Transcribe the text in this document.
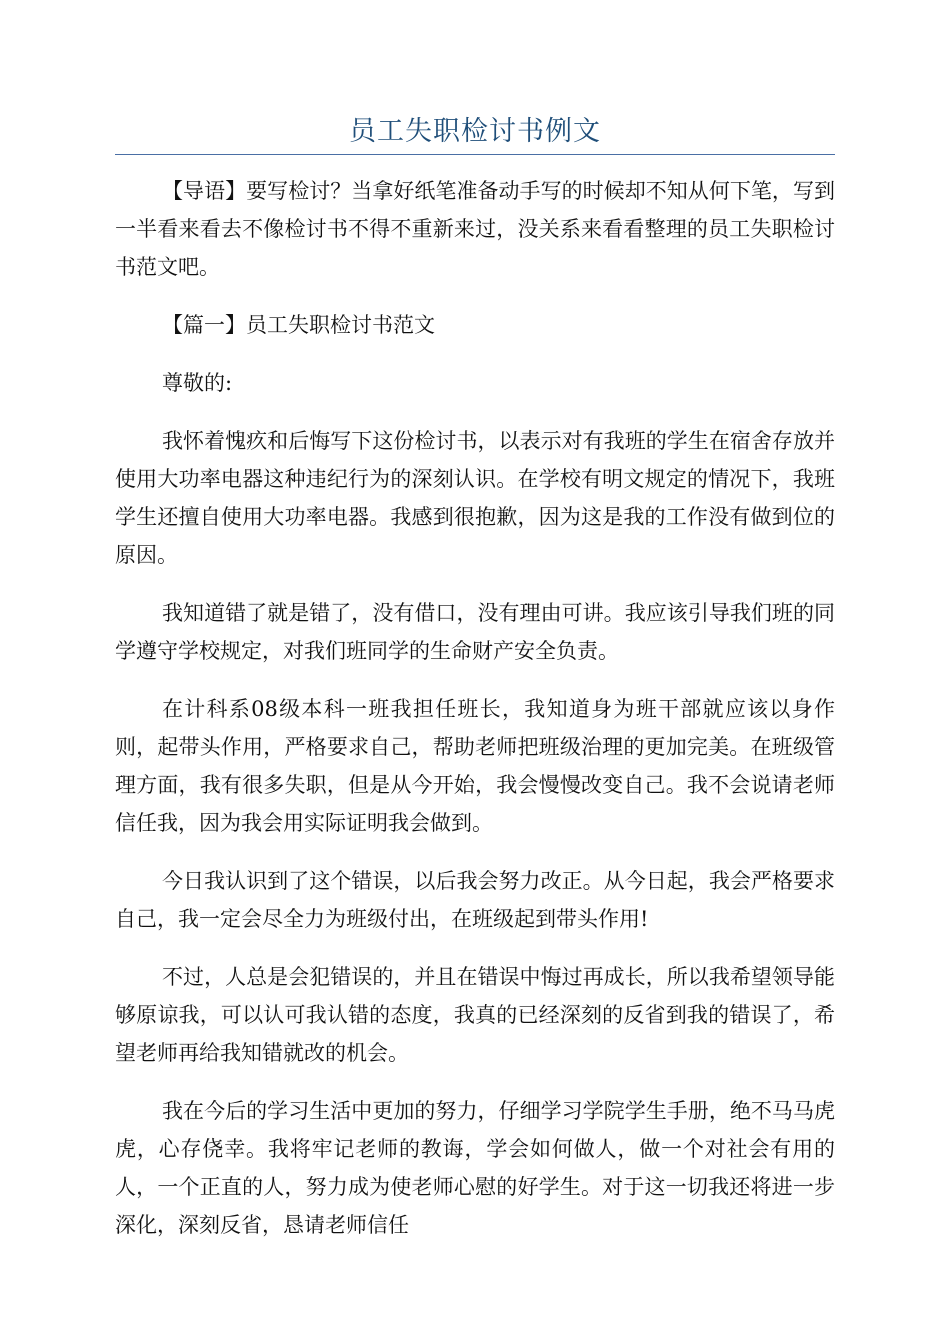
员工失职检讨书例文

【导语】要写检讨？当拿好纸笔准备动手写的时候却不知从何下笔，写到一半看来看去不像检讨书不得不重新来过，没关系来看看整理的员工失职检讨书范文吧。

【篇一】员工失职检讨书范文

尊敬的:

我怀着愧疚和后悔写下这份检讨书，以表示对有我班的学生在宿舍存放并使用大功率电器这种违纪行为的深刻认识。在学校有明文规定的情况下，我班学生还擅自使用大功率电器。我感到很抱歉，因为这是我的工作没有做到位的原因。

我知道错了就是错了，没有借口，没有理由可讲。我应该引导我们班的同学遵守学校规定，对我们班同学的生命财产安全负责。

在计科系08级本科一班我担任班长，我知道身为班干部就应该以身作则，起带头作用，严格要求自己，帮助老师把班级治理的更加完美。在班级管理方面，我有很多失职，但是从今开始，我会慢慢改变自己。我不会说请老师信任我，因为我会用实际证明我会做到。

今日我认识到了这个错误，以后我会努力改正。从今日起，我会严格要求自己，我一定会尽全力为班级付出，在班级起到带头作用!

不过，人总是会犯错误的，并且在错误中悔过再成长，所以我希望领导能够原谅我，可以认可我认错的态度，我真的已经深刻的反省到我的错误了，希望老师再给我知错就改的机会。

我在今后的学习生活中更加的努力，仔细学习学院学生手册，绝不马马虎虎，心存侥幸。我将牢记老师的教诲，学会如何做人，做一个对社会有用的人，一个正直的人，努力成为使老师心慰的好学生。对于这一切我还将进一步深化，深刻反省，恳请老师信任
